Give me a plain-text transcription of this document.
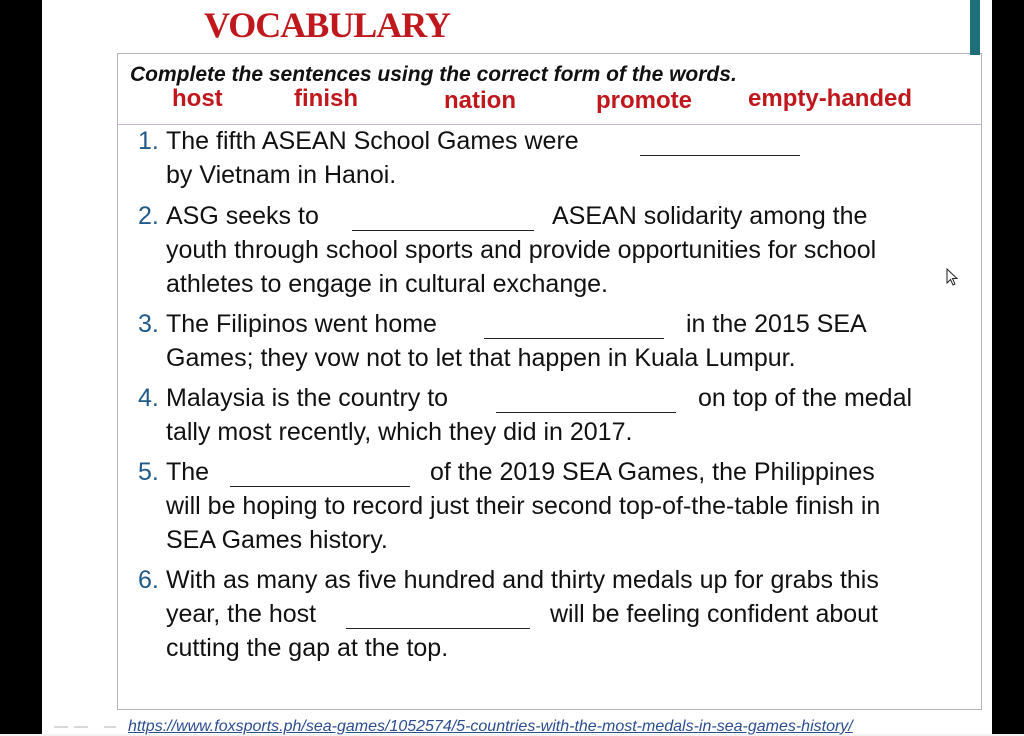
VOCABULARY
Complete the sentences using the correct form of the words.
host	finish	nation	promote empty-handed
1. The fifth ASEAN School Games were
by Vietnam in Hanoi.
2. ASG seeks to	ASEAN solidarity among the
youth through school sports and provide opportunities for school
athletes to engage in cultural exchange.
3. The Filipinos went home	in the 2015 SEA
Games; they vow not to let that happen in Kuala Lumpur.
4. Malaysia is the country to	on top of the medal
tally most recently, which they did in 2017.
5. The	of the 2019 SEA Games, the Philippines
will be hoping to record just their second top-of-the-table finish in
SEA Games history.
6. With as many as five hundred and thirty medals up for grabs this
year, the host	will be feeling confident about
cutting the gap at the top.
https://www.foxsports.ph/sea-games/1052574/5-countries-with-the-most-medals-in-sea-games-history/
